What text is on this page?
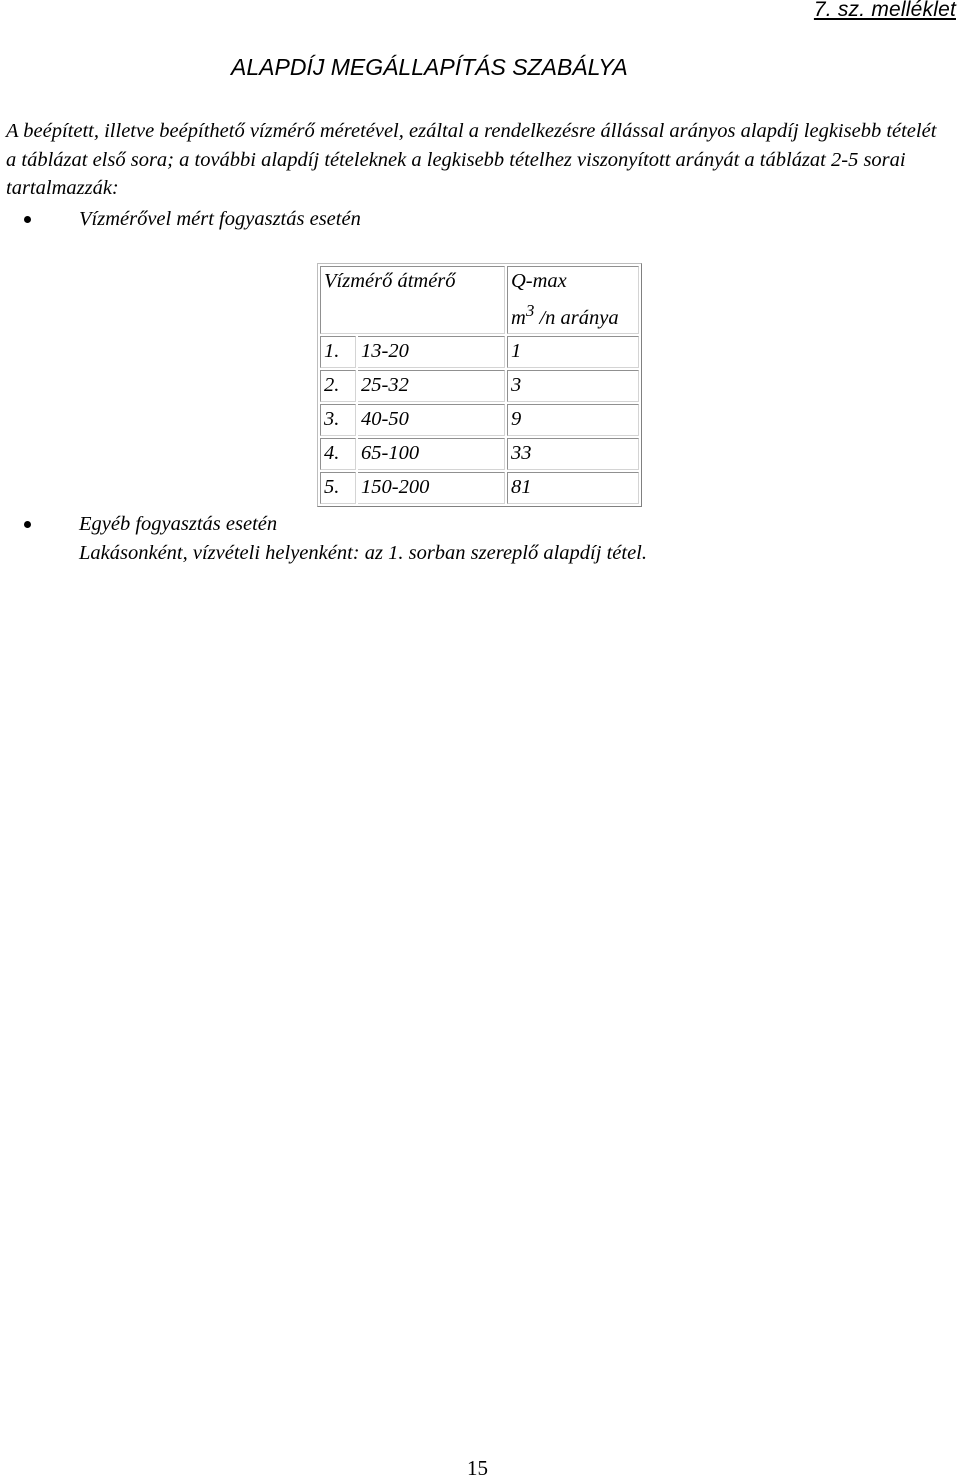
7. sz. melléklet
ALAPDÍJ MEGÁLLAPÍTÁS SZABÁLYA

A beépített, illetve beépíthető vízmérő méretével, ezáltal a rendelkezésre állással arányos alapdíj legkisebb tételét a táblázat első sora; a további alapdíj tételeknek a legkisebb tételhez viszonyított arányát a táblázat 2-5 sorai tartalmazzák:

Vízmérővel mért fogyasztás esetén
Vízmérő átmérő		Q-max
$m^3$ /n aránya
1.	13-20	1
2.	25-32	3
3.	40-50	9
4.	65-100	33
5.	150-200	81
Egyéb fogyasztás esetén
Lakásonként, vízvételi helyenként: az 1. sorban szereplő alapdíj tétel.
15
